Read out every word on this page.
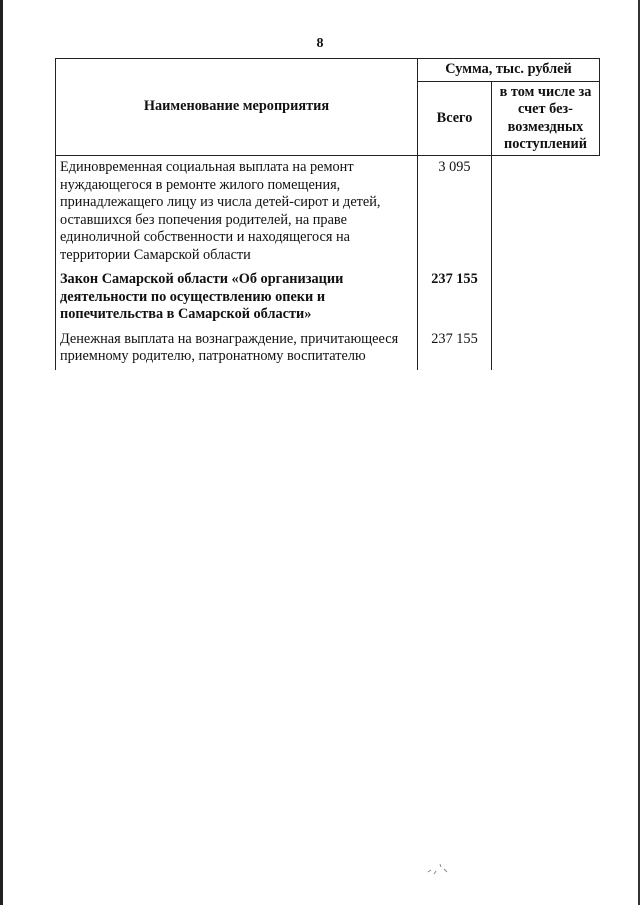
8
Наименование мероприятия	Сумма, тыс. рублей	
	Всего	в том числе за счет без-возмездных поступлений
Единовременная социальная выплата на ремонт нуждающегося в ремонте жилого помещения, принадлежащего лицу из числа детей-сирот и детей, оставшихся без попечения родителей, на праве единоличной собственности и находящегося на территории Самарской области	3 095	
Закон Самарской области «Об организации деятельности по осуществлению опеки и попечительства в Самарской области»	237 155	
Денежная выплата на вознаграждение, причитающееся приемному родителю, патронатному воспитателю	237 155	
